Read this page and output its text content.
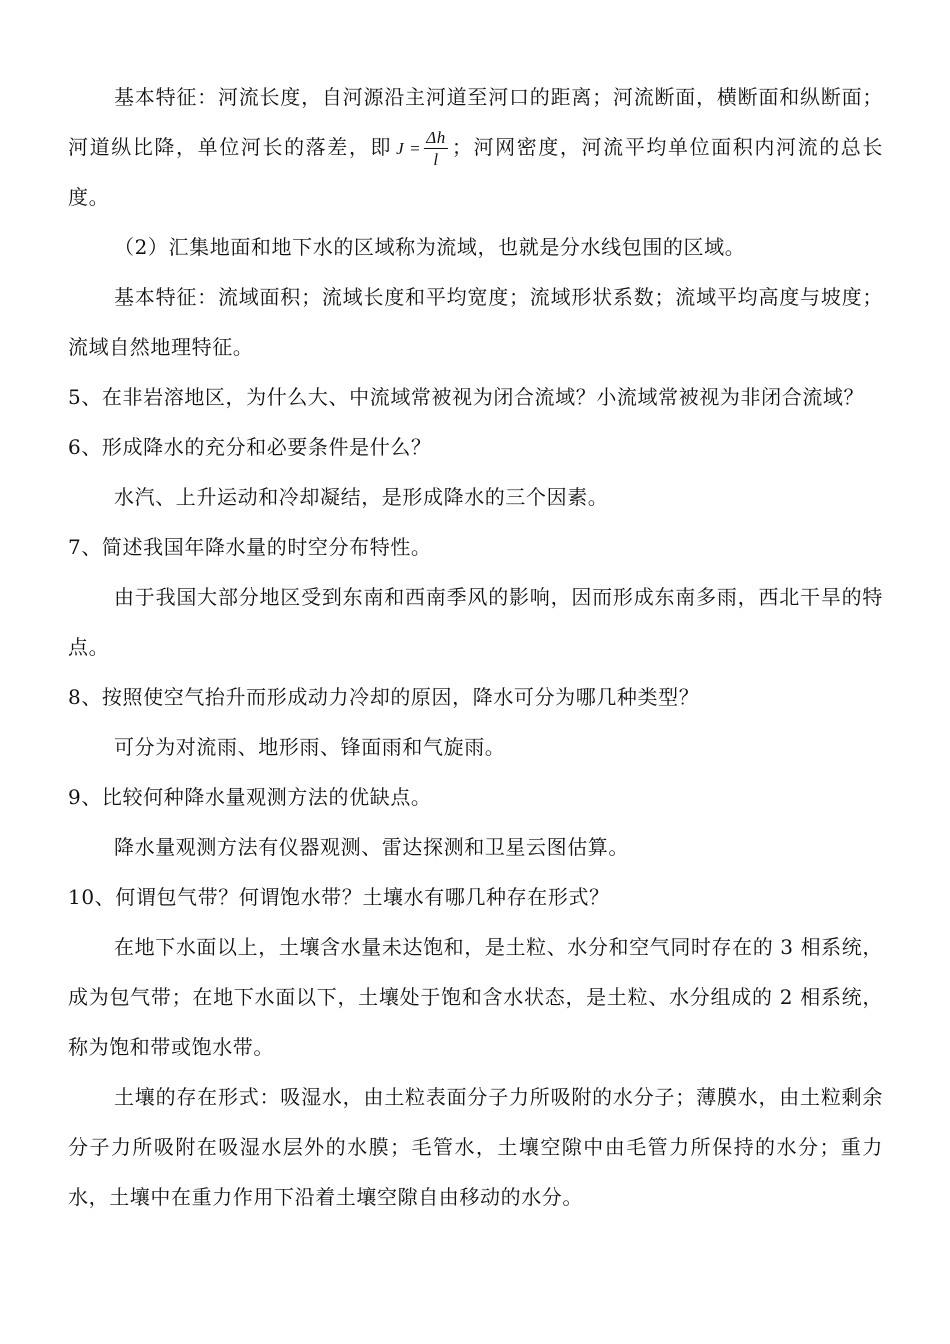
基本特征：河流长度，自河源沿主河道至河口的距离；河流断面，横断面和纵断面；河道纵比降，单位河长的落差，即 $J = \frac{\Delta h}{l}$ ；河网密度，河流平均单位面积内河流的总长度。

（2）汇集地面和地下水的区域称为流域，也就是分水线包围的区域。

基本特征：流域面积；流域长度和平均宽度；流域形状系数；流域平均高度与坡度；流域自然地理特征。

5、在非岩溶地区，为什么大、中流域常被视为闭合流域？小流域常被视为非闭合流域？

6、形成降水的充分和必要条件是什么？

水汽、上升运动和冷却凝结，是形成降水的三个因素。

7、简述我国年降水量的时空分布特性。

由于我国大部分地区受到东南和西南季风的影响，因而形成东南多雨，西北干旱的特点。

8、按照使空气抬升而形成动力冷却的原因，降水可分为哪几种类型？

可分为对流雨、地形雨、锋面雨和气旋雨。

9、比较何种降水量观测方法的优缺点。

降水量观测方法有仪器观测、雷达探测和卫星云图估算。

10、何谓包气带？何谓饱水带？土壤水有哪几种存在形式？

在地下水面以上，土壤含水量未达饱和，是土粒、水分和空气同时存在的 3 相系统，成为包气带；在地下水面以下，土壤处于饱和含水状态，是土粒、水分组成的 2 相系统，称为饱和带或饱水带。

土壤的存在形式：吸湿水，由土粒表面分子力所吸附的水分子；薄膜水，由土粒剩余分子力所吸附在吸湿水层外的水膜；毛管水，土壤空隙中由毛管力所保持的水分；重力水，土壤中在重力作用下沿着土壤空隙自由移动的水分。
